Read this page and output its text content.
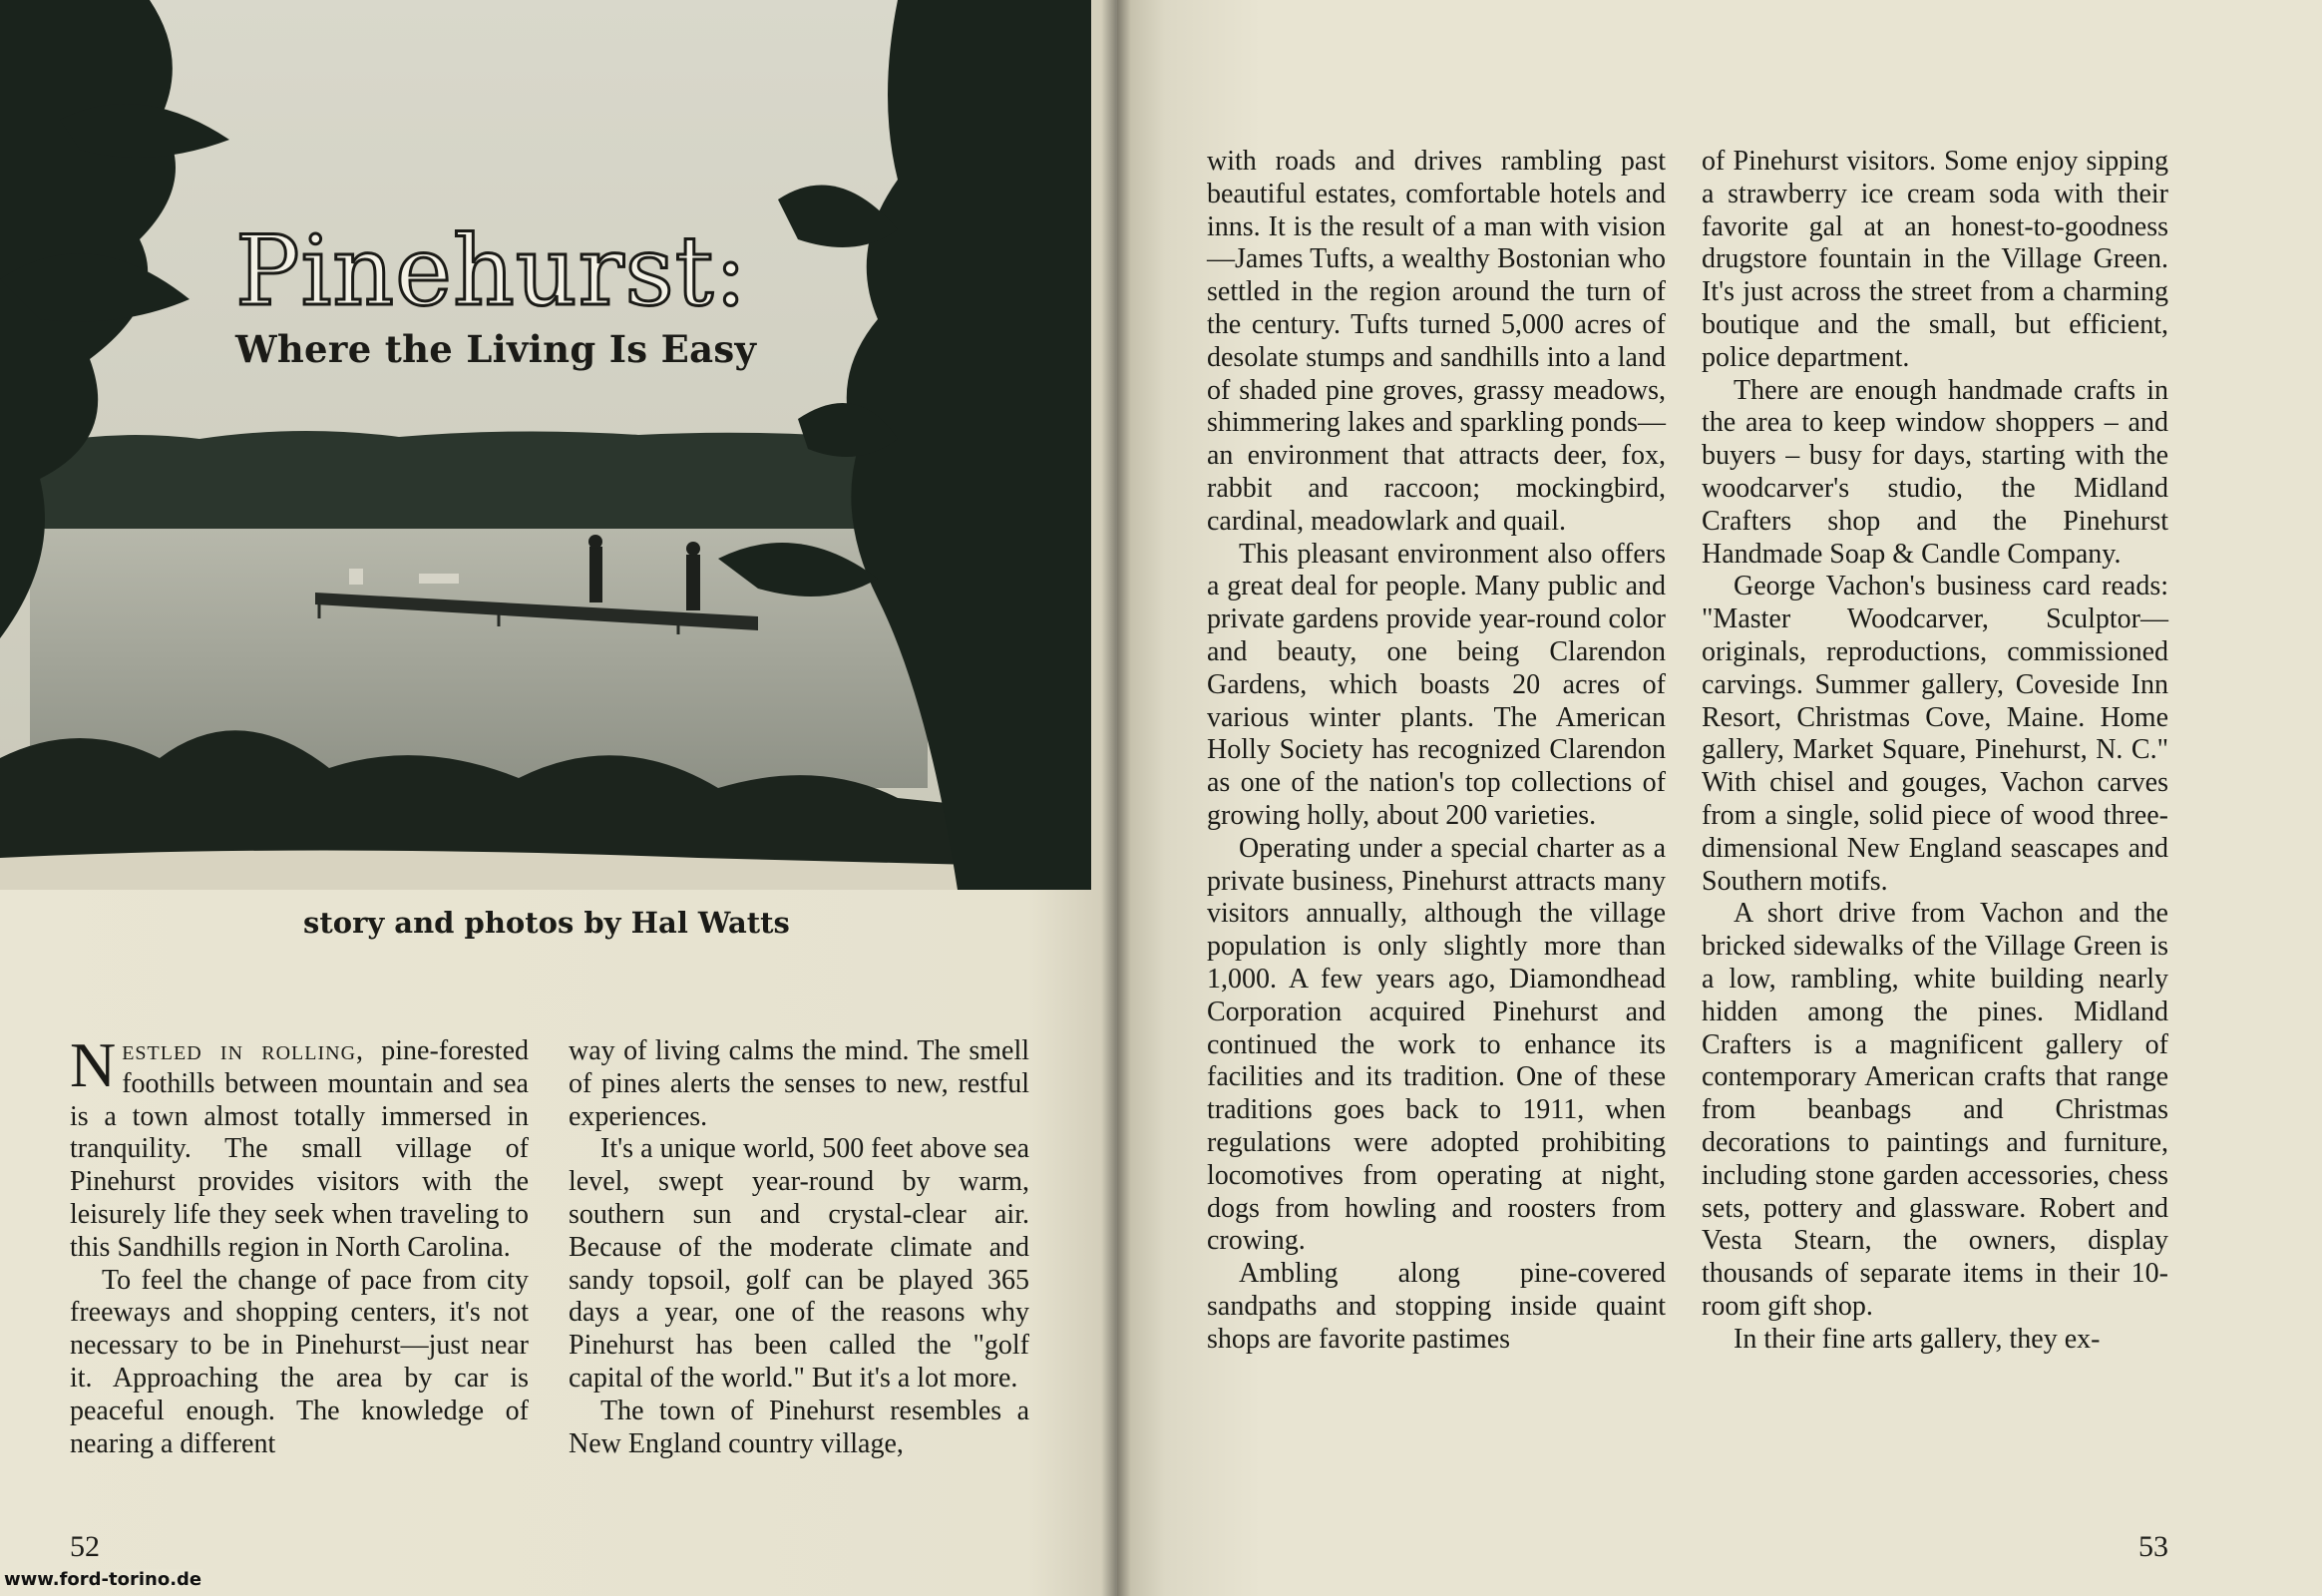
Pinehurst:
Where the Living Is Easy
story and photos by Hal Watts

Nestled in rolling, pine-forested foothills between mountain and sea is a town almost totally immersed in tranquility. The small village of Pinehurst provides visitors with the leisurely life they seek when traveling to this Sandhills region in North Carolina.

To feel the change of pace from city freeways and shopping centers, it's not necessary to be in Pinehurst—just near it. Approaching the area by car is peaceful enough. The knowledge of nearing a different

way of living calms the mind. The smell of pines alerts the senses to new, restful experiences.

It's a unique world, 500 feet above sea level, swept year-round by warm, southern sun and crystal-clear air. Because of the moderate climate and sandy topsoil, golf can be played 365 days a year, one of the reasons why Pinehurst has been called the "golf capital of the world." But it's a lot more.

The town of Pinehurst resembles a New England country village,

52
www.ford-torino.de

with roads and drives rambling past beautiful estates, comfortable hotels and inns. It is the result of a man with vision—James Tufts, a wealthy Bostonian who settled in the region around the turn of the century. Tufts turned 5,000 acres of desolate stumps and sandhills into a land of shaded pine groves, grassy meadows, shimmering lakes and sparkling ponds—an environment that attracts deer, fox, rabbit and raccoon; mockingbird, cardinal, meadowlark and quail.

This pleasant environment also offers a great deal for people. Many public and private gardens provide year-round color and beauty, one being Clarendon Gardens, which boasts 20 acres of various winter plants. The American Holly Society has recognized Clarendon as one of the nation's top collections of growing holly, about 200 varieties.

Operating under a special charter as a private business, Pinehurst attracts many visitors annually, although the village population is only slightly more than 1,000. A few years ago, Diamondhead Corporation acquired Pinehurst and continued the work to enhance its facilities and its tradition. One of these traditions goes back to 1911, when regulations were adopted prohibiting locomotives from operating at night, dogs from howling and roosters from crowing.

Ambling along pine-covered sandpaths and stopping inside quaint shops are favorite pastimes

of Pinehurst visitors. Some enjoy sipping a strawberry ice cream soda with their favorite gal at an honest-to-goodness drugstore fountain in the Village Green. It's just across the street from a charming boutique and the small, but efficient, police department.

There are enough handmade crafts in the area to keep window shoppers – and buyers – busy for days, starting with the woodcarver's studio, the Midland Crafters shop and the Pinehurst Handmade Soap & Candle Company.

George Vachon's business card reads: "Master Woodcarver, Sculptor—originals, reproductions, commissioned carvings. Summer gallery, Coveside Inn Resort, Christmas Cove, Maine. Home gallery, Market Square, Pinehurst, N. C." With chisel and gouges, Vachon carves from a single, solid piece of wood three-dimensional New England seascapes and Southern motifs.

A short drive from Vachon and the bricked sidewalks of the Village Green is a low, rambling, white building nearly hidden among the pines. Midland Crafters is a magnificent gallery of contemporary American crafts that range from beanbags and Christmas decorations to paintings and furniture, including stone garden accessories, chess sets, pottery and glassware. Robert and Vesta Stearn, the owners, display thousands of separate items in their 10-room gift shop.

In their fine arts gallery, they ex-

53
